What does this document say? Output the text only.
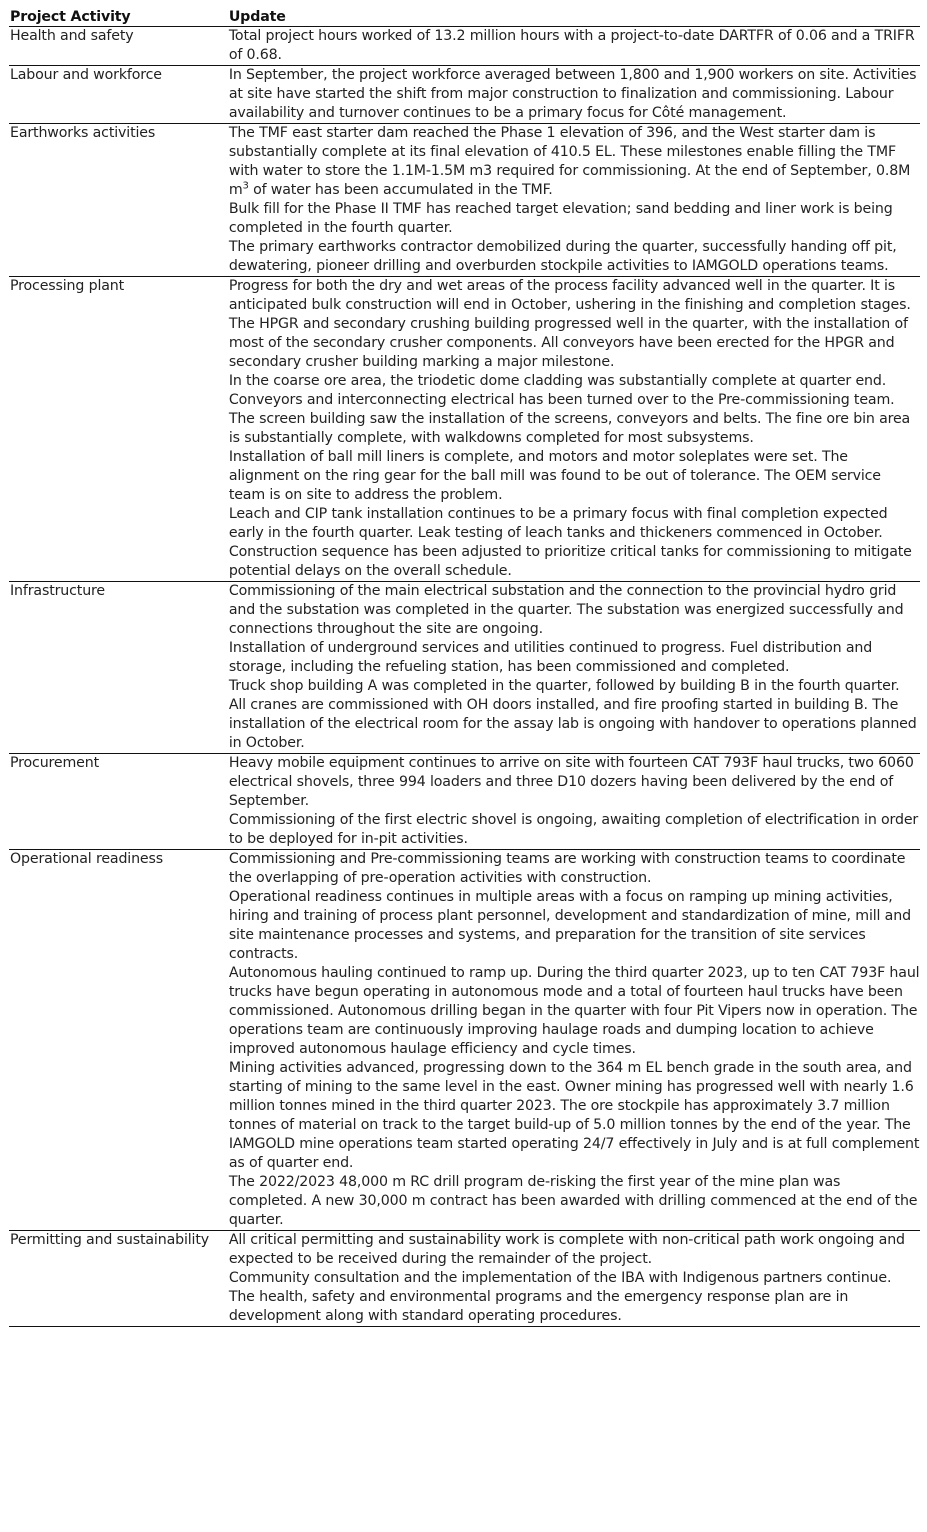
Project Activity	Update
Health and safety	Total project hours worked of 13.2 million hours with a project-to-date DARTFR of 0.06 and a TRIFR of 0.68.

Labour and workforce	In September, the project workforce averaged between 1,800 and 1,900 workers on site. Activities at site have started the shift from major construction to finalization and commissioning. Labour availability and turnover continues to be a primary focus for Côté management.

Earthworks activities	The TMF east starter dam reached the Phase 1 elevation of 396, and the West starter dam is substantially complete at its final elevation of 410.5 EL. These milestones enable filling the TMF with water to store the 1.1M-1.5M m3 required for commissioning. At the end of September, 0.8M $m^3$ of water has been accumulated in the TMF.
Bulk fill for the Phase II TMF has reached target elevation; sand bedding and liner work is being completed in the fourth quarter.
The primary earthworks contractor demobilized during the quarter, successfully handing off pit, dewatering, pioneer drilling and overburden stockpile activities to IAMGOLD operations teams.

Processing plant	Progress for both the dry and wet areas of the process facility advanced well in the quarter. It is anticipated bulk construction will end in October, ushering in the finishing and completion stages.
The HPGR and secondary crushing building progressed well in the quarter, with the installation of most of the secondary crusher components. All conveyors have been erected for the HPGR and secondary crusher building marking a major milestone.
In the coarse ore area, the triodetic dome cladding was substantially complete at quarter end. Conveyors and interconnecting electrical has been turned over to the Pre-commissioning team. The screen building saw the installation of the screens, conveyors and belts. The fine ore bin area is substantially complete, with walkdowns completed for most subsystems.
Installation of ball mill liners is complete, and motors and motor soleplates were set. The alignment on the ring gear for the ball mill was found to be out of tolerance. The OEM service team is on site to address the problem.
Leach and CIP tank installation continues to be a primary focus with final completion expected early in the fourth quarter. Leak testing of leach tanks and thickeners commenced in October. Construction sequence has been adjusted to prioritize critical tanks for commissioning to mitigate potential delays on the overall schedule.

Infrastructure	Commissioning of the main electrical substation and the connection to the provincial hydro grid and the substation was completed in the quarter. The substation was energized successfully and connections throughout the site are ongoing.
Installation of underground services and utilities continued to progress. Fuel distribution and storage, including the refueling station, has been commissioned and completed.
Truck shop building A was completed in the quarter, followed by building B in the fourth quarter. All cranes are commissioned with OH doors installed, and fire proofing started in building B. The installation of the electrical room for the assay lab is ongoing with handover to operations planned in October.

Procurement	Heavy mobile equipment continues to arrive on site with fourteen CAT 793F haul trucks, two 6060 electrical shovels, three 994 loaders and three D10 dozers having been delivered by the end of September.
Commissioning of the first electric shovel is ongoing, awaiting completion of electrification in order to be deployed for in-pit activities.

Operational readiness	Commissioning and Pre-commissioning teams are working with construction teams to coordinate the overlapping of pre-operation activities with construction.
Operational readiness continues in multiple areas with a focus on ramping up mining activities, hiring and training of process plant personnel, development and standardization of mine, mill and site maintenance processes and systems, and preparation for the transition of site services contracts.
Autonomous hauling continued to ramp up. During the third quarter 2023, up to ten CAT 793F haul trucks have begun operating in autonomous mode and a total of fourteen haul trucks have been commissioned. Autonomous drilling began in the quarter with four Pit Vipers now in operation. The operations team are continuously improving haulage roads and dumping location to achieve improved autonomous haulage efficiency and cycle times.
Mining activities advanced, progressing down to the 364 m EL bench grade in the south area, and starting of mining to the same level in the east. Owner mining has progressed well with nearly 1.6 million tonnes mined in the third quarter 2023. The ore stockpile has approximately 3.7 million tonnes of material on track to the target build-up of 5.0 million tonnes by the end of the year. The IAMGOLD mine operations team started operating 24/7 effectively in July and is at full complement as of quarter end.
The 2022/2023 48,000 m RC drill program de-risking the first year of the mine plan was completed. A new 30,000 m contract has been awarded with drilling commenced at the end of the quarter.

Permitting and sustainability	All critical permitting and sustainability work is complete with non-critical path work ongoing and expected to be received during the remainder of the project.
Community consultation and the implementation of the IBA with Indigenous partners continue. The health, safety and environmental programs and the emergency response plan are in development along with standard operating procedures.
